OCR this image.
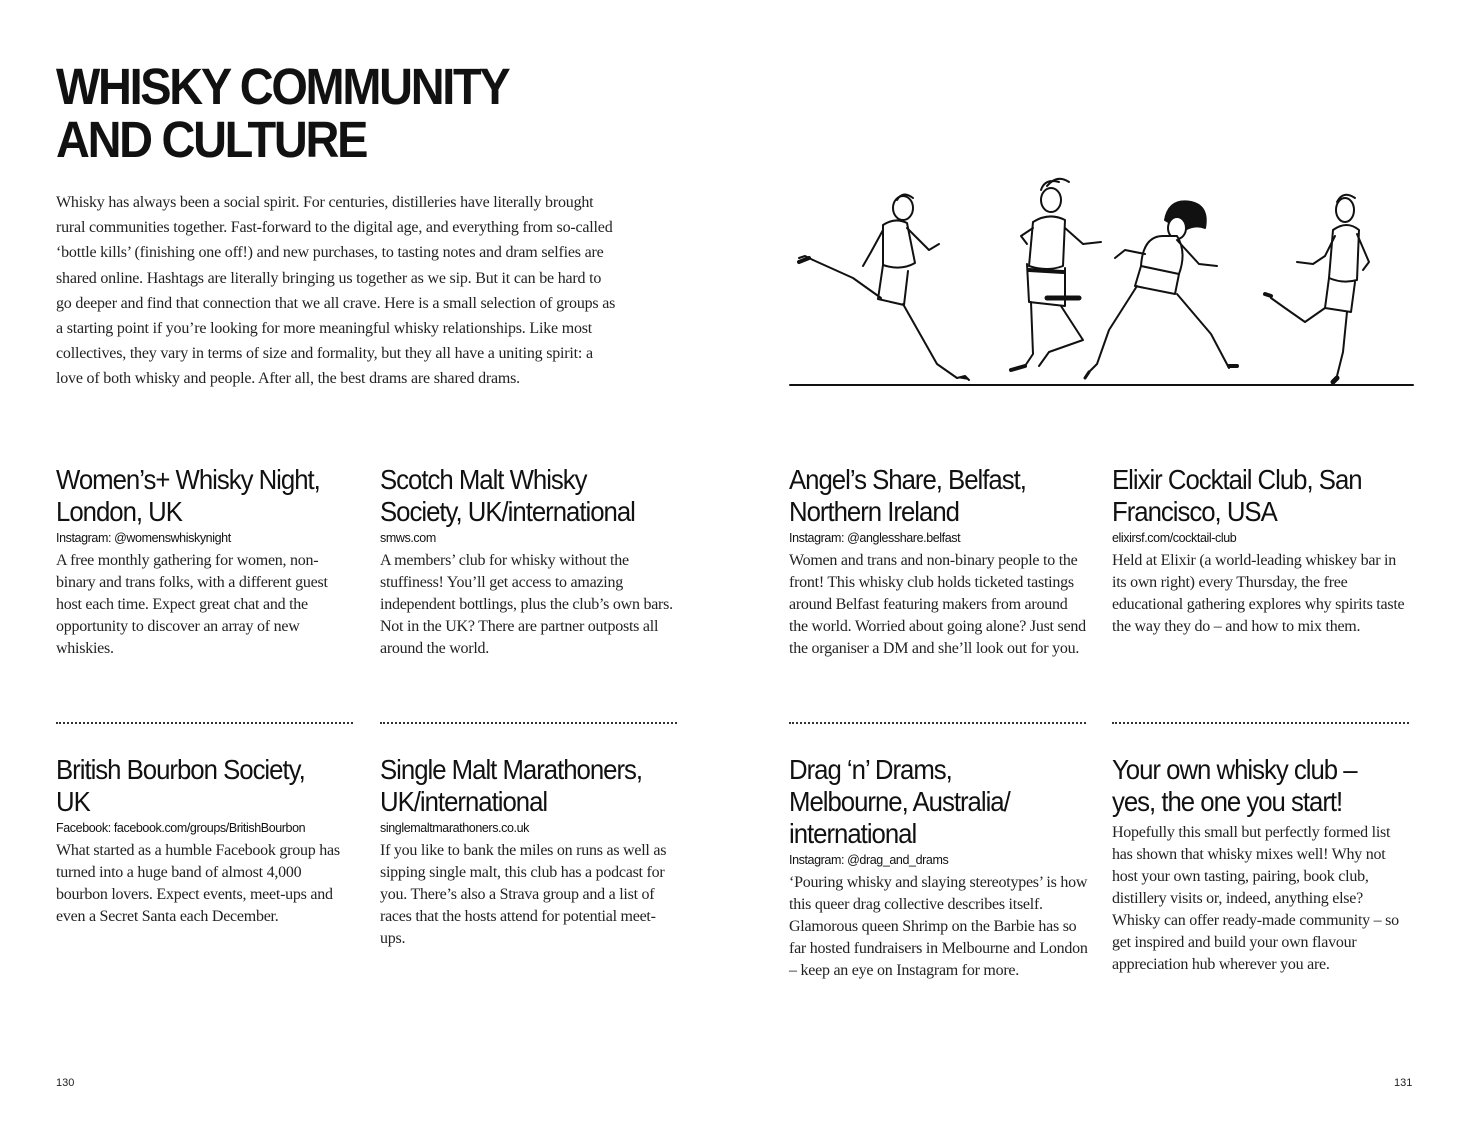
WHISKY COMMUNITY
AND CULTURE

Whisky has always been a social spirit. For centuries, distilleries have literally brought rural communities together. Fast-forward to the digital age, and everything from so-called ‘bottle kills’ (finishing one off!) and new purchases, to tasting notes and dram selfies are shared online. Hashtags are literally bringing us together as we sip. But it can be hard to go deeper and find that connection that we all crave. Here is a small selection of groups as a starting point if you’re looking for more meaningful whisky relationships. Like most collectives, they vary in terms of size and formality, but they all have a uniting spirit: a love of both whisky and people. After all, the best drams are shared drams.

Women’s+ Whisky Night,
London, UK
Instagram: @womenswhiskynight
A free monthly gathering for women, non-binary and trans folks, with a different guest host each time. Expect great chat and the opportunity to discover an array of new whiskies.
Scotch Malt Whisky
Society, UK/international
smws.com
A members’ club for whisky without the stuffiness! You’ll get access to amazing independent bottlings, plus the club’s own bars. Not in the UK? There are partner outposts all around the world.
British Bourbon Society,
UK
Facebook: facebook.com/groups/BritishBourbon
What started as a humble Facebook group has turned into a huge band of almost 4,000 bourbon lovers. Expect events, meet-ups and even a Secret Santa each December.
Single Malt Marathoners,
UK/international
singlemaltmarathoners.co.uk
If you like to bank the miles on runs as well as sipping single malt, this club has a podcast for you. There’s also a Strava group and a list of races that the hosts attend for potential meet-ups.
Angel’s Share, Belfast,
Northern Ireland
Instagram: @anglesshare.belfast
Women and trans and non-binary people to the front! This whisky club holds ticketed tastings around Belfast featuring makers from around the world. Worried about going alone? Just send the organiser a DM and she’ll look out for you.
Elixir Cocktail Club, San
Francisco, USA
elixirsf.com/cocktail-club
Held at Elixir (a world-leading whiskey bar in its own right) every Thursday, the free educational gathering explores why spirits taste the way they do – and how to mix them.
Drag ‘n’ Drams,
Melbourne, Australia/
international
Instagram: @drag_and_drams
‘Pouring whisky and slaying stereotypes’ is how this queer drag collective describes itself. Glamorous queen Shrimp on the Barbie has so far hosted fundraisers in Melbourne and London – keep an eye on Instagram for more.
Your own whisky club –
yes, the one you start!
Hopefully this small but perfectly formed list has shown that whisky mixes well! Why not host your own tasting, pairing, book club, distillery visits or, indeed, anything else? Whisky can offer ready-made community – so get inspired and build your own flavour appreciation hub wherever you are.
130	131
